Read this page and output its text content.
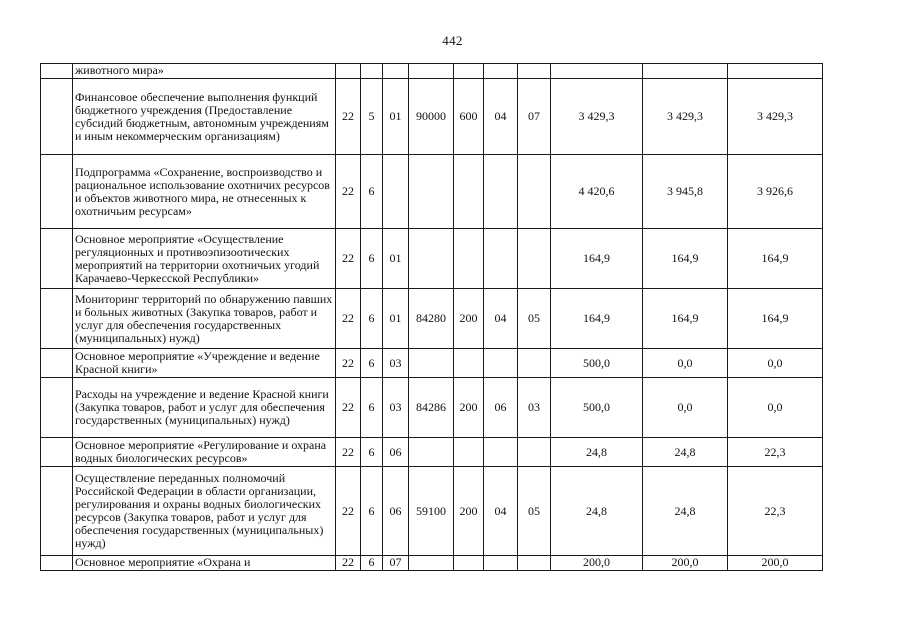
442
	животного мира»										
	Финансовое обеспечение выполнения функций бюджетного учреждения (Предоставление субсидий бюджетным, автономным учреждениям и иным некоммерческим организациям)	22	5	01	90000	600	04	07	3 429,3	3 429,3	3 429,3
	Подпрограмма «Сохранение, воспроизводство и рациональное использование охотничих ресурсов и объектов животного мира, не отнесенных к охотничьим ресурсам»	22	6						4 420,6	3 945,8	3 926,6
	Основное мероприятие «Осуществление регуляционных и противоэпизоотических мероприятий на территории охотничьих угодий Карачаево-Черкесской Республики»	22	6	01					164,9	164,9	164,9
	Мониторинг территорий по обнаружению павших и больных животных (Закупка товаров, работ и услуг для обеспечения государственных (муниципальных) нужд)	22	6	01	84280	200	04	05	164,9	164,9	164,9
	Основное мероприятие «Учреждение и ведение Красной книги»	22	6	03					500,0	0,0	0,0
	Расходы на учреждение и ведение Красной книги (Закупка товаров, работ и услуг для обеспечения государственных (муниципальных) нужд)	22	6	03	84286	200	06	03	500,0	0,0	0,0
	Основное мероприятие «Регулирование и охрана водных биологических ресурсов»	22	6	06					24,8	24,8	22,3
	Осуществление переданных полномочий Российской Федерации в области организации, регулирования и охраны водных биологических ресурсов (Закупка товаров, работ и услуг для обеспечения государственных (муниципальных) нужд)	22	6	06	59100	200	04	05	24,8	24,8	22,3
	Основное мероприятие «Охрана и	22	6	07					200,0	200,0	200,0
